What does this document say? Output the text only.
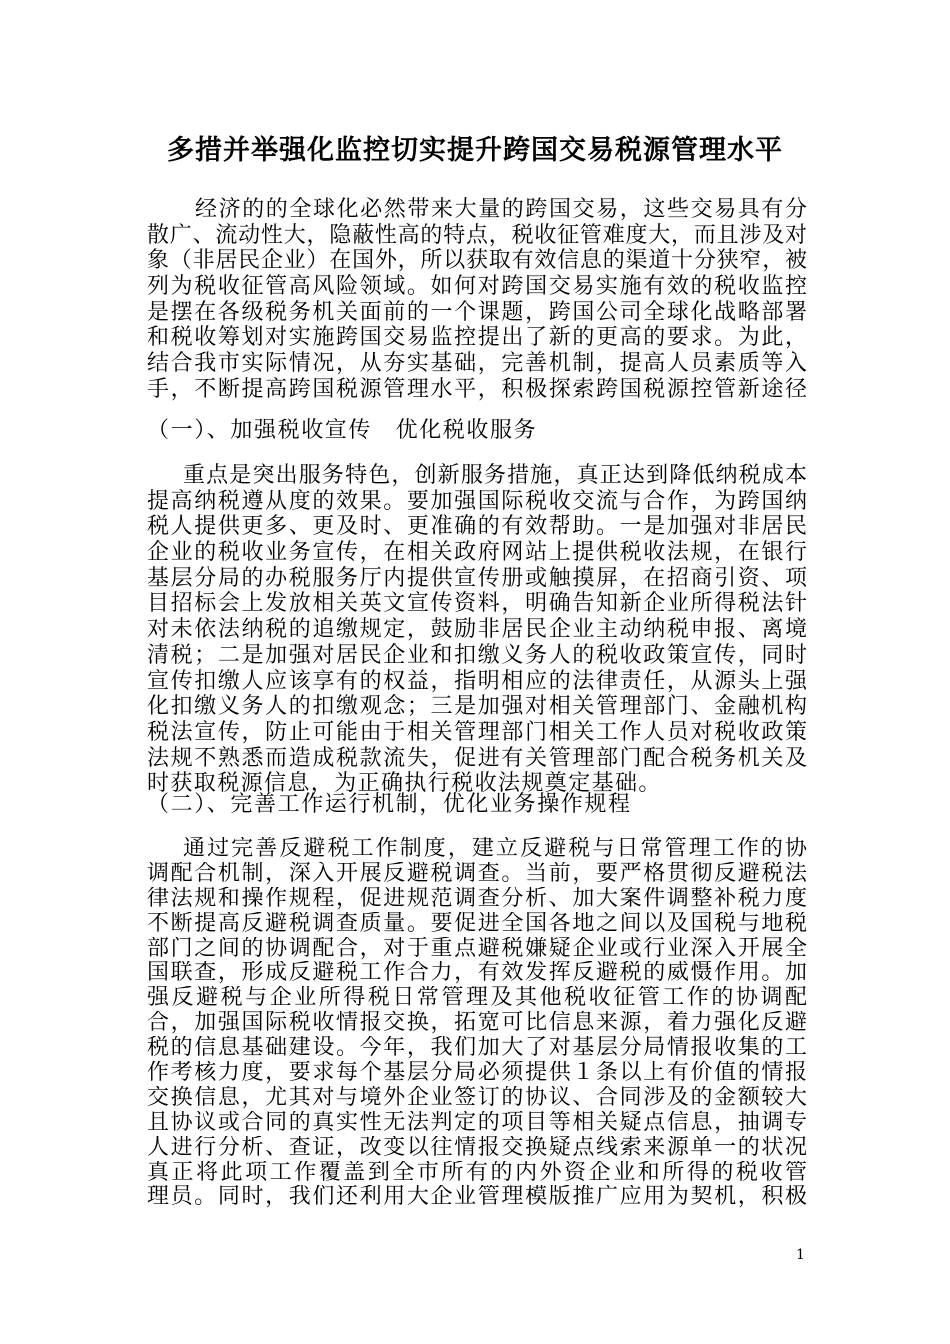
多措并举强化监控切实提升跨国交易税源管理水平
经济的的全球化必然带来大量的跨国交易，这些交易具有分
散广、流动性大，隐蔽性高的特点，税收征管难度大，而且涉及对
象（非居民企业）在国外，所以获取有效信息的渠道十分狭窄，被
列为税收征管高风险领域。如何对跨国交易实施有效的税收监控
是摆在各级税务机关面前的一个课题，跨国公司全球化战略部署
和税收筹划对实施跨国交易监控提出了新的更高的要求。为此，
结合我市实际情况，从夯实基础，完善机制，提高人员素质等入
手，不断提高跨国税源管理水平，积极探索跨国税源控管新途径
（一）、加强税收宣传　优化税收服务
重点是突出服务特色，创新服务措施，真正达到降低纳税成本
提高纳税遵从度的效果。要加强国际税收交流与合作，为跨国纳
税人提供更多、更及时、更准确的有效帮助。一是加强对非居民
企业的税收业务宣传，在相关政府网站上提供税收法规，在银行
基层分局的办税服务厅内提供宣传册或触摸屏，在招商引资、项
目招标会上发放相关英文宣传资料，明确告知新企业所得税法针
对未依法纳税的追缴规定，鼓励非居民企业主动纳税申报、离境
清税；二是加强对居民企业和扣缴义务人的税收政策宣传，同时
宣传扣缴人应该享有的权益，指明相应的法律责任，从源头上强
化扣缴义务人的扣缴观念；三是加强对相关管理部门、金融机构
税法宣传，防止可能由于相关管理部门相关工作人员对税收政策
法规不熟悉而造成税款流失，促进有关管理部门配合税务机关及
时获取税源信息，为正确执行税收法规奠定基础。
（二）、完善工作运行机制，优化业务操作规程
通过完善反避税工作制度，建立反避税与日常管理工作的协
调配合机制，深入开展反避税调查。当前，要严格贯彻反避税法
律法规和操作规程，促进规范调查分析、加大案件调整补税力度
不断提高反避税调查质量。要促进全国各地之间以及国税与地税
部门之间的协调配合，对于重点避税嫌疑企业或行业深入开展全
国联查，形成反避税工作合力，有效发挥反避税的威慑作用。加
强反避税与企业所得税日常管理及其他税收征管工作的协调配
合，加强国际税收情报交换，拓宽可比信息来源，着力强化反避
税的信息基础建设。今年，我们加大了对基层分局情报收集的工
作考核力度，要求每个基层分局必须提供１条以上有价值的情报
交换信息，尤其对与境外企业签订的协议、合同涉及的金额较大
且协议或合同的真实性无法判定的项目等相关疑点信息，抽调专
人进行分析、查证，改变以往情报交换疑点线索来源单一的状况
真正将此项工作覆盖到全市所有的内外资企业和所得的税收管
理员。同时，我们还利用大企业管理模版推广应用为契机，积极
1
